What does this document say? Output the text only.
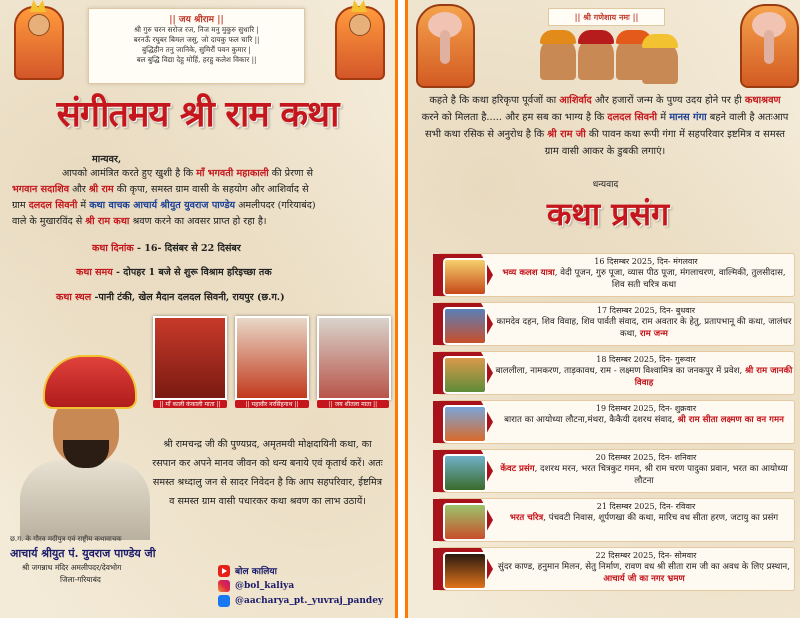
|| जय श्रीराम ||
श्री गुरु चरन सरोज रज, निज मनु मुकुरु सुधारि |
बरनऊँ रघुबर बिमल जसु, जो दायकु फल चारि ||
बुद्धिहीन तनु जानिके, सुमिरौं पवन कुमार |
बल बुद्धि विद्या देहु मोहिं, हरहु कलेश विकार ||
संगीतमय श्री राम कथा
मान्यवर,
आपको आमंत्रित करते हुए खुशी है कि माँ भगवती महाकाली की प्रेरणा से
भगवान सदाशिव और श्री राम की कृपा, समस्त ग्राम वासी के सहयोग और आशिर्वाद से
ग्राम दलदल सिवनी में कथा वाचक आचार्य श्रीयुत युवराज पाण्डेय अमलीपदर (गरियाबंद)
वाले के मुखारविंद से श्री राम कथा श्रवण करने का अवसर प्राप्त हो रहा है।
कथा दिनांक - 16- दिसंबर से 22 दिसंबर
कथा समय - दोपहर 1 बजे से शुरू विश्राम हरिइच्छा तक
कथा स्थल -पानी टंकी, खेल मैदान दलदल सिवनी, रायपुर (छ.ग.)
|| माँ काली कंकाली माता ||	|| महावीर नरसिंहनाथ ||	|| जय शीतला माता ||
श्री रामचन्द्र जी की पुण्यप्रद, अमृतमयी मोक्षदायिनी कथा, का रसपान कर अपने मानव जीवन को धन्य बनाये एवं कृतार्थ करें। अतः समस्त श्रध्दालु जन से सादर निवेदन है कि आप सहपरिवार, ईष्टमित्र व समस्त ग्राम वासी पधारकर कथा श्रवण का लाभ उठायें।
छ.ग. के गौरव मदीपुत्र एवं राष्ट्रीय कथावाचक
आचार्य श्रीयुत पं. युवराज पाण्डेय जी
श्री जगन्नाथ मंदिर अमलीपदर/देवभोग
जिला-गरियाबंद
बोल कालिया
@bol_kaliya
@aacharya_pt._yuvraj_pandey
|| श्री गणेशाय नमः ||
कहते है कि कथा हरिकृपा पूर्वजों का आशिर्वाद और हजारों जन्म के पुण्य उदय होने पर ही कथाश्रवण करने को मिलता है..... और हम सब का भाग्य है कि दलदल सिवनी में मानस गंगा बहने वाली है अतःआप सभी कथा रसिक से अनुरोध है कि श्री राम जी की पावन कथा रूपी गंगा में सहपरिवार इष्टमित्र व समस्त ग्राम वासी आकर के डुबकी लगाएं।
धन्यवाद
कथा प्रसंग
16 दिसम्बर 2025, दिन- मंगलवार
भव्य कलश यात्रा, वेदी पूजन, गुरु पूजा, व्यास पीठ पूजा, मंगलाचरण, वाल्मिकी, तुलसीदास, शिव सती चरित्र कथा
17 दिसम्बर 2025, दिन- बुधवार
कामदेव दहन, शिव विवाह, शिव पार्वती संवाद, राम अवतार के हेतु, प्रतापभानू की कथा, जालंधर कथा, राम जन्म
18 दिसम्बर 2025, दिन- गुरूवार
बाललीला, नामकरण, ताड़कावध, राम - लक्ष्मण विश्वामित्र का जनकपुर में प्रवेश, श्री राम जानकी विवाह
19 दिसम्बर 2025, दिन- शुक्रवार
बारात का आयोध्या लौटना,मंथरा, कैकैयी दशरथ संवाद, श्री राम सीता लक्ष्मण का वन गमन
20 दिसम्बर 2025, दिन- शनिवार
केंवट प्रसंग, दशरथ मरन, भरत चित्रकुट गमन, श्री राम चरण पादुका प्रवान, भरत का आयोध्या लौटना
21 दिसम्बर 2025, दिन- रविवार
भरत चरित्र, पंचवटी निवास, शूर्पणखा की कथा, मारिच वध सीता हरण, जटायु का प्रसंग
22 दिसम्बर 2025, दिन- सोमवार
सुंदर काण्ड, हनुमान मिलन, सेतु निर्माण, रावण वध श्री सीता राम जी का अवध के लिए प्रस्थान, आचार्य जी का नगर भ्रमण
